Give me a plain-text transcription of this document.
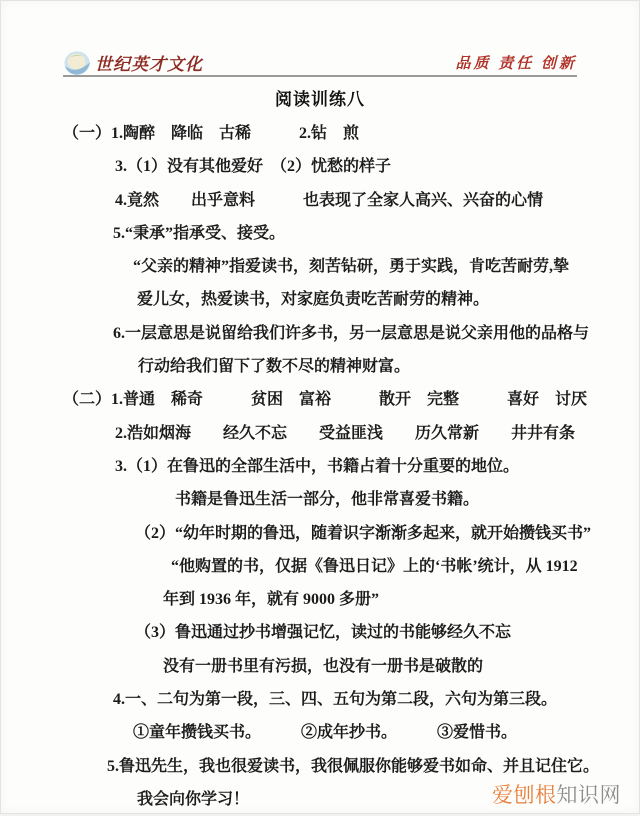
世纪英才文化	品质 责任 创新
阅读训练八
（一）1.陶醉　降临　古稀　　　2.钻　煎
3.（1）没有其他爱好　（2）忧愁的样子
4.竟然　　出乎意料　　　也表现了全家人高兴、兴奋的心情
5.“秉承”指承受、接受。
“父亲的精神”指爱读书，刻苦钻研，勇于实践，肯吃苦耐劳,挚
爱儿女，热爱读书，对家庭负责吃苦耐劳的精神。
6.一层意思是说留给我们许多书，另一层意思是说父亲用他的品格与
行动给我们留下了数不尽的精神财富。
（二）1.普通　稀奇　　　贫困　富裕　　　散开　完整　　　喜好　讨厌
2.浩如烟海　　经久不忘　　受益匪浅　　历久常新　　井井有条
3.（1）在鲁迅的全部生活中，书籍占着十分重要的地位。
书籍是鲁迅生活一部分，他非常喜爱书籍。
（2）“幼年时期的鲁迅，随着识字渐渐多起来，就开始攒钱买书”
“他购置的书，仅据《鲁迅日记》上的‘书帐’统计，从 1912
年到 1936 年，就有 9000 多册”
（3）鲁迅通过抄书增强记忆，读过的书能够经久不忘
没有一册书里有污损，也没有一册书是破散的
4.一、二句为第一段，三、四、五句为第二段，六句为第三段。
①童年攒钱买书。　　　②成年抄书。　　　③爱惜书。
5.鲁迅先生，我也很爱读书，我很佩服你能够爱书如命、并且记住它。
我会向你学习！	爱刨根知识网
